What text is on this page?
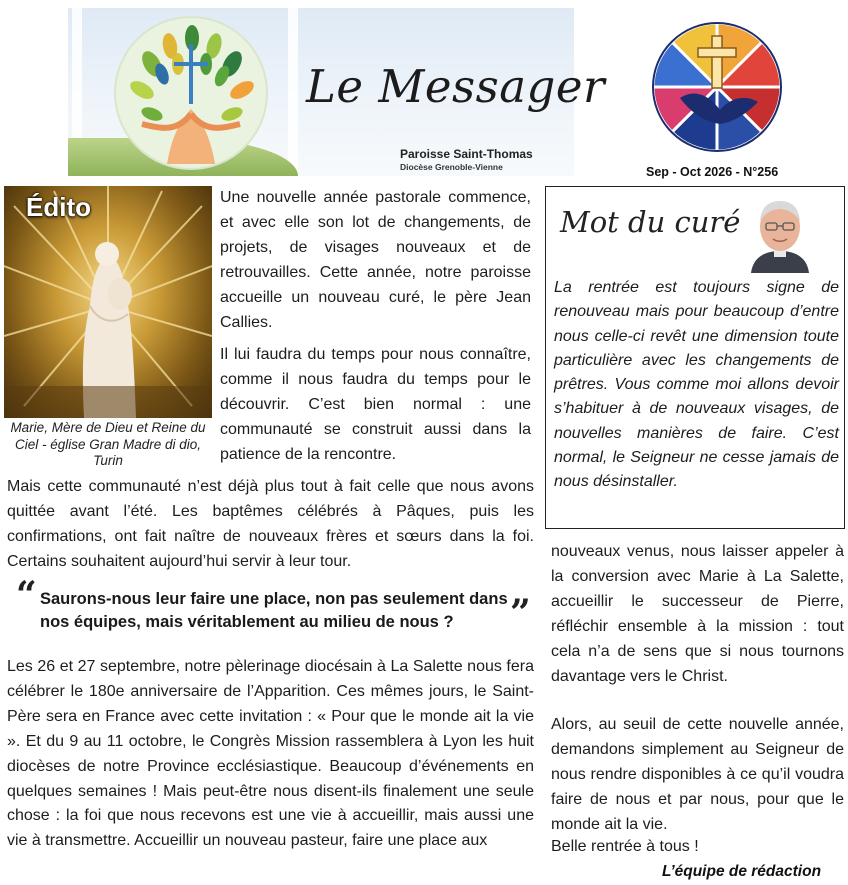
Le Messager
Paroisse Saint-Thomas
Diocèse Grenoble-Vienne	Sep - Oct 2026 - N°256
Édito
Marie, Mère de Dieu et Reine du Ciel - église Gran Madre di dio, Turin
Une nouvelle année pastorale commence, et avec elle son lot de changements, de projets, de visages nouveaux et de retrouvailles. Cette année, notre paroisse accueille un nouveau curé, le père Jean Callies.
Il lui faudra du temps pour nous connaître, comme il nous faudra du temps pour le découvrir. C’est bien normal : une communauté se construit aussi dans la patience de la rencontre.
Mais cette communauté n’est déjà plus tout à fait celle que nous avons quittée avant l’été. Les baptêmes célébrés à Pâques, puis les confirmations, ont fait naître de nouveaux frères et sœurs dans la foi. Certains souhaitent aujourd’hui servir à leur tour.
“ Saurons-nous leur faire une place, non pas seulement dans nos équipes, mais véritablement au milieu de nous ?	”
Les 26 et 27 septembre, notre pèlerinage diocésain à La Salette nous fera célébrer le 180e anniversaire de l’Apparition. Ces mêmes jours, le Saint-Père sera en France avec cette invitation : « Pour que le monde ait la vie ». Et du 9 au 11 octobre, le Congrès Mission rassemblera à Lyon les huit diocèses de notre Province ecclésiastique. Beaucoup d’événements en quelques semaines ! Mais peut-être nous disent-ils finalement une seule chose : la foi que nous recevons est une vie à accueillir, mais aussi une vie à transmettre. Accueillir un nouveau pasteur, faire une place aux
Mot du curé
La rentrée est toujours signe de renouveau mais pour beaucoup d’entre nous celle-ci revêt une dimension toute particulière avec les changements de prêtres. Vous comme moi allons devoir s’habituer à de nouveaux visages, de nouvelles manières de faire. C’est normal, le Seigneur ne cesse jamais de nous désinstaller.
nouveaux venus, nous laisser appeler à la conversion avec Marie à La Salette, accueillir le successeur de Pierre, réfléchir ensemble à la mission : tout cela n’a de sens que si nous tournons davantage vers le Christ.
Alors, au seuil de cette nouvelle année, demandons simplement au Seigneur de nous rendre disponibles à ce qu’il voudra faire de nous et par nous, pour que le monde ait la vie.
Belle rentrée à tous !
L’équipe de rédaction
